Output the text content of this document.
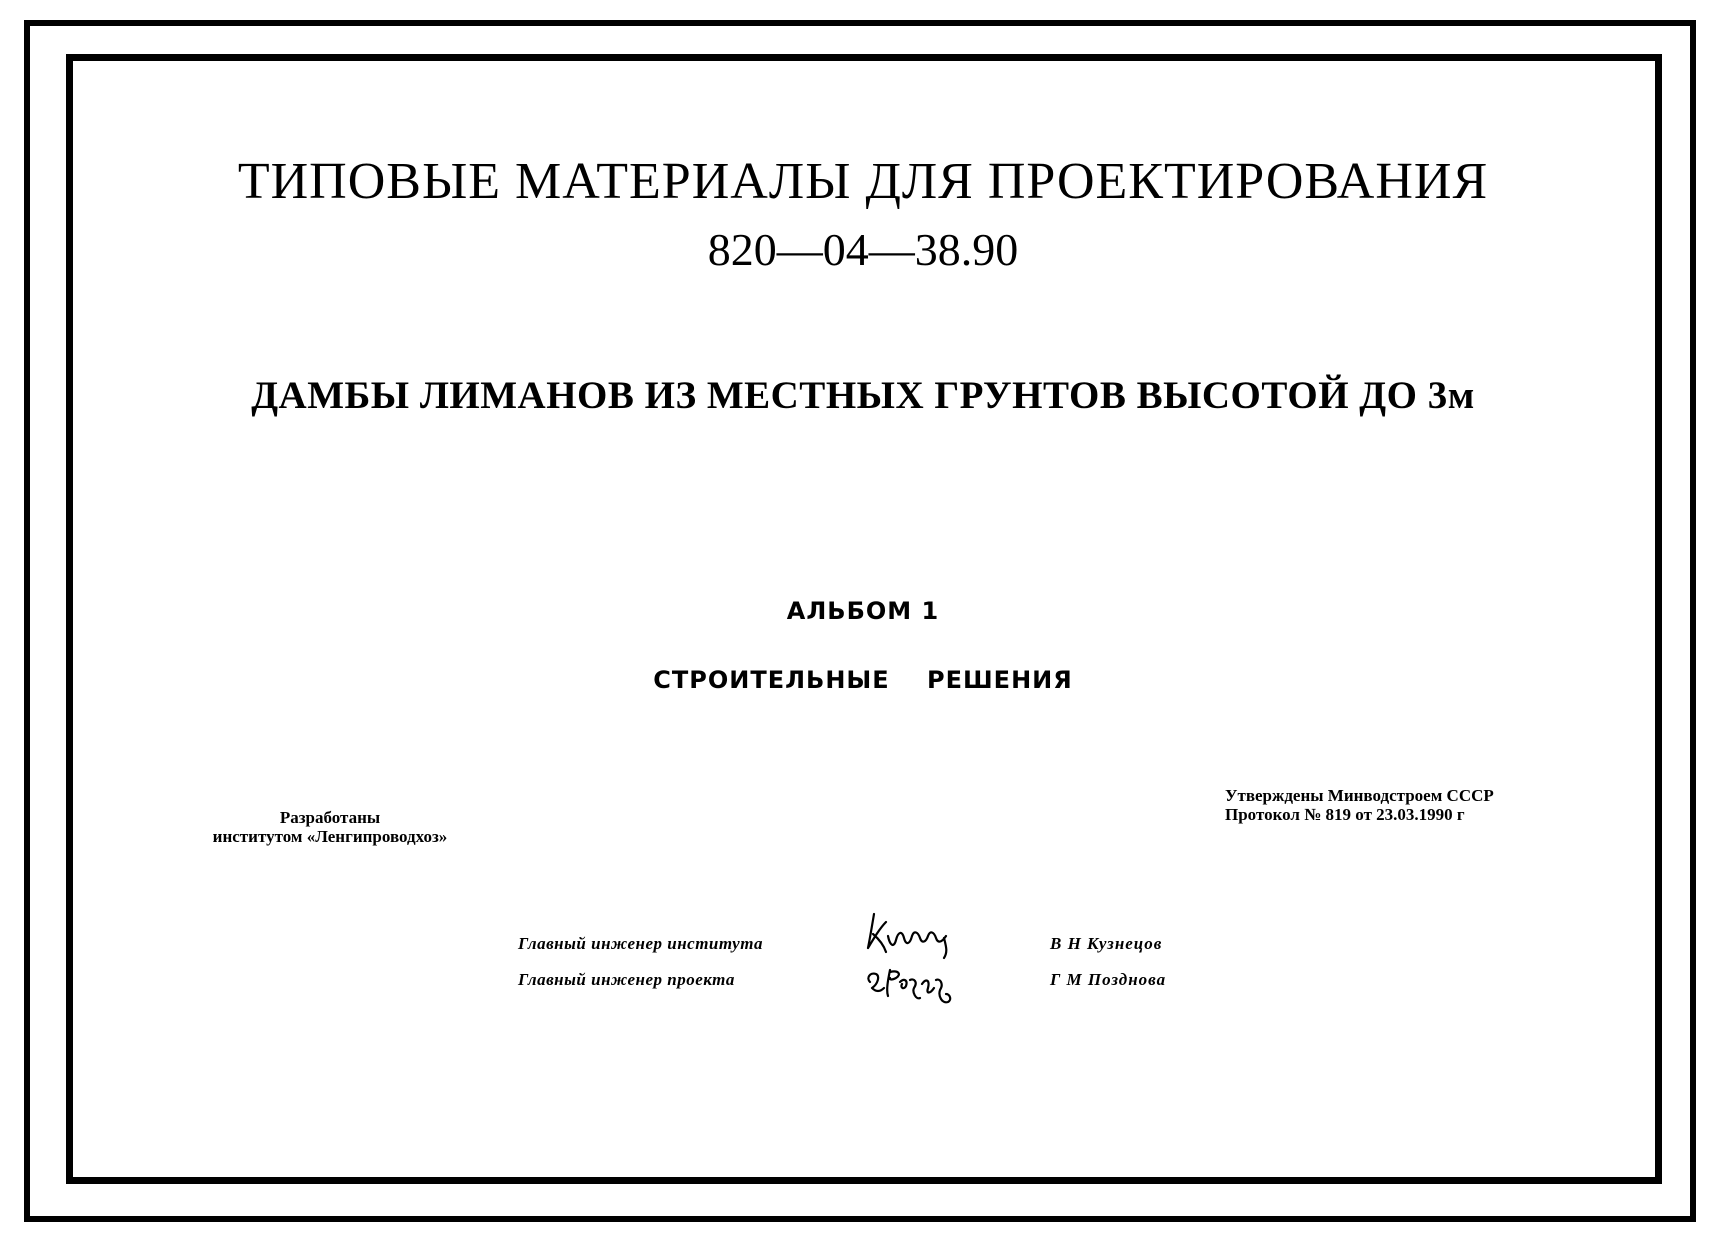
ТИПОВЫЕ МАТЕРИАЛЫ ДЛЯ ПРОЕКТИРОВАНИЯ
820—04—38.90
ДАМБЫ ЛИМАНОВ ИЗ МЕСТНЫХ ГРУНТОВ ВЫСОТОЙ ДО 3м
АЛЬБОМ 1
СТРОИТЕЛЬНЫЕ РЕШЕНИЯ
Разработаны
институтом «Ленгипроводхоз»
Утверждены Минводстроем СССР
Протокол № 819 от 23.03.1990 г
Главный инженер института
Главный инженер проекта
В Н Кузнецов
Г М Позднова
